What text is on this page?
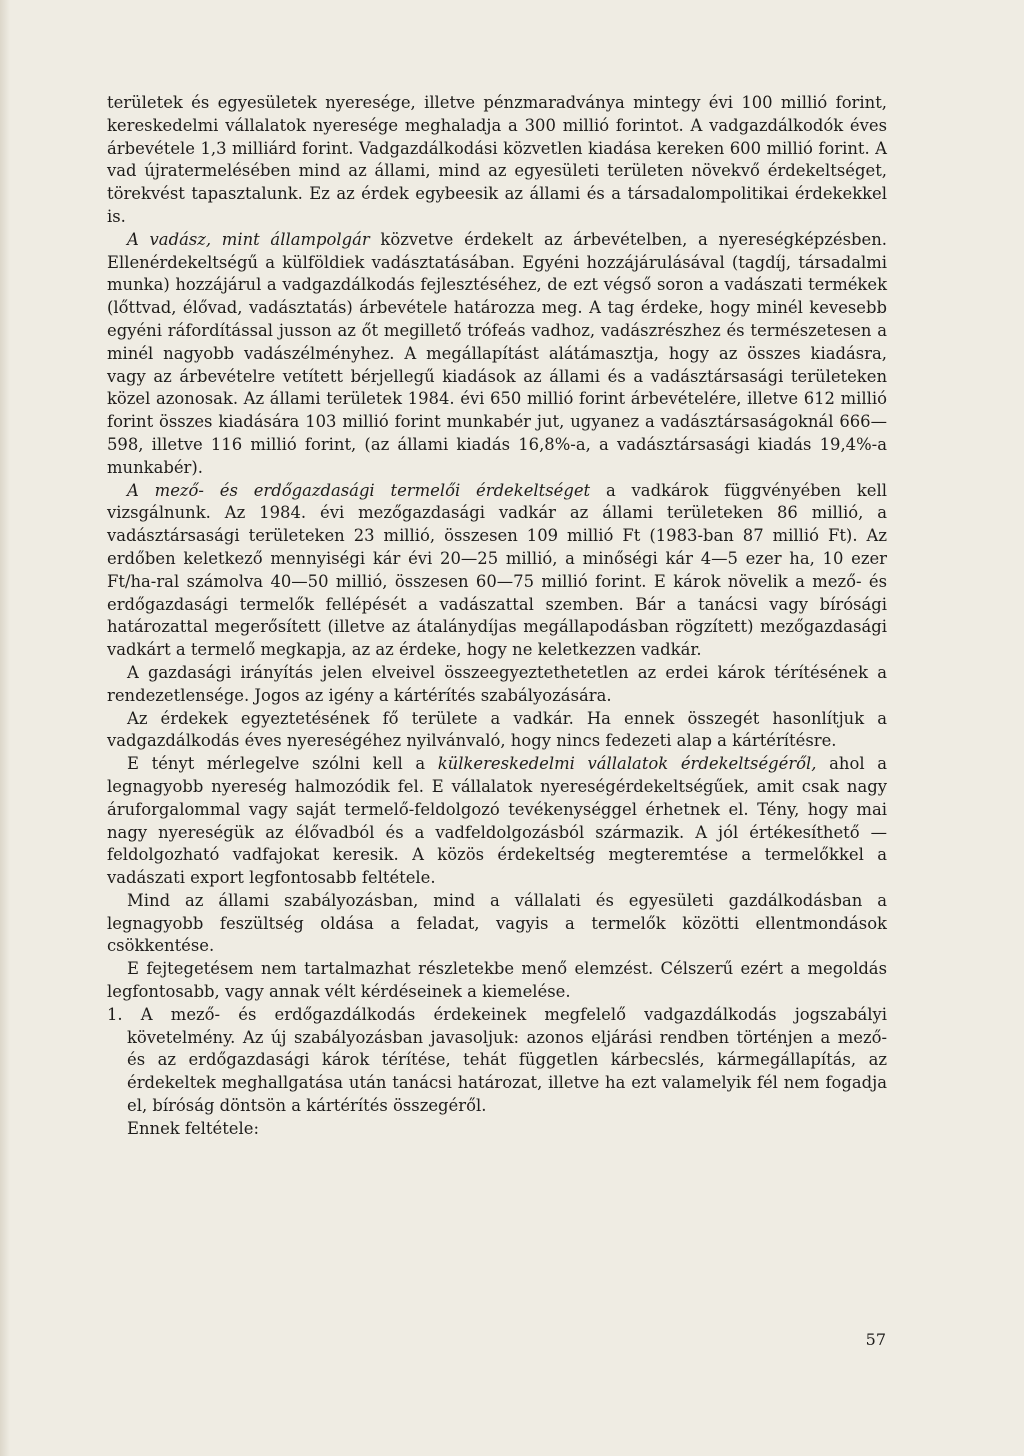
területek és egyesületek nyeresége, illetve pénzmaradványa mintegy évi 100 millió forint, kereskedelmi vállalatok nyeresége meghaladja a 300 millió forintot. A vadgazdálkodók éves árbevétele 1,3 milliárd forint. Vadgazdálkodási közvetlen kiadása kereken 600 millió forint. A vad újratermelésében mind az állami, mind az egyesületi területen növekvő érdekeltséget, törekvést tapasztalunk. Ez az érdek egybeesik az állami és a társadalompolitikai érdekekkel is.

A vadász, mint állampolgár közvetve érdekelt az árbevételben, a nyereségképzésben. Ellenérdekeltségű a külföldiek vadásztatásában. Egyéni hozzájárulásával (tagdíj, társadalmi munka) hozzájárul a vadgazdálkodás fejlesztéséhez, de ezt végső soron a vadászati termékek (lőttvad, élővad, vadásztatás) árbevétele határozza meg. A tag érdeke, hogy minél kevesebb egyéni ráfordítással jusson az őt megillető trófeás vadhoz, vadászrészhez és természetesen a minél nagyobb vadászélményhez. A megállapítást alátámasztja, hogy az összes kiadásra, vagy az árbevételre vetített bérjellegű kiadások az állami és a vadásztársasági területeken közel azonosak. Az állami területek 1984. évi 650 millió forint árbevételére, illetve 612 millió forint összes kiadására 103 millió forint munkabér jut, ugyanez a vadásztársaságoknál 666—598, illetve 116 millió forint, (az állami kiadás 16,8%-a, a vadásztársasági kiadás 19,4%-a munkabér).

A mező- és erdőgazdasági termelői érdekeltséget a vadkárok függvényében kell vizsgálnunk. Az 1984. évi mezőgazdasági vadkár az állami területeken 86 millió, a vadásztársasági területeken 23 millió, összesen 109 millió Ft (1983-ban 87 millió Ft). Az erdőben keletkező mennyiségi kár évi 20—25 millió, a minőségi kár 4—5 ezer ha, 10 ezer Ft/ha-ral számolva 40—50 millió, összesen 60—75 millió forint. E károk növelik a mező- és erdőgazdasági termelők fellépését a vadászattal szemben. Bár a tanácsi vagy bírósági határozattal megerősített (illetve az átalánydíjas megállapodásban rögzített) mezőgazdasági vadkárt a termelő megkapja, az az érdeke, hogy ne keletkezzen vadkár.

A gazdasági irányítás jelen elveivel összeegyeztethetetlen az erdei károk térítésének a rendezetlensége. Jogos az igény a kártérítés szabályozására.

Az érdekek egyeztetésének fő területe a vadkár. Ha ennek összegét hasonlítjuk a vadgazdálkodás éves nyereségéhez nyilvánvaló, hogy nincs fedezeti alap a kártérítésre.

E tényt mérlegelve szólni kell a külkereskedelmi vállalatok érdekeltségéről, ahol a legnagyobb nyereség halmozódik fel. E vállalatok nyereségérdekeltségűek, amit csak nagy áruforgalommal vagy saját termelő-feldolgozó tevékenységgel érhetnek el. Tény, hogy mai nagy nyereségük az élővadból és a vadfeldolgozásból származik. A jól értékesíthető — feldolgozható vadfajokat keresik. A közös érdekeltség megteremtése a termelőkkel a vadászati export legfontosabb feltétele.

Mind az állami szabályozásban, mind a vállalati és egyesületi gazdálkodásban a legnagyobb feszültség oldása a feladat, vagyis a termelők közötti ellentmondások csökkentése.

E fejtegetésem nem tartalmazhat részletekbe menő elemzést. Célszerű ezért a megoldás legfontosabb, vagy annak vélt kérdéseinek a kiemelése.

1. A mező- és erdőgazdálkodás érdekeinek megfelelő vadgazdálkodás jogszabályi követelmény. Az új szabályozásban javasoljuk: azonos eljárási rendben történjen a mező- és az erdőgazdasági károk térítése, tehát független kárbecslés, kármegállapítás, az érdekeltek meghallgatása után tanácsi határozat, illetve ha ezt valamelyik fél nem fogadja el, bíróság döntsön a kártérítés összegéről.

Ennek feltétele:

57
